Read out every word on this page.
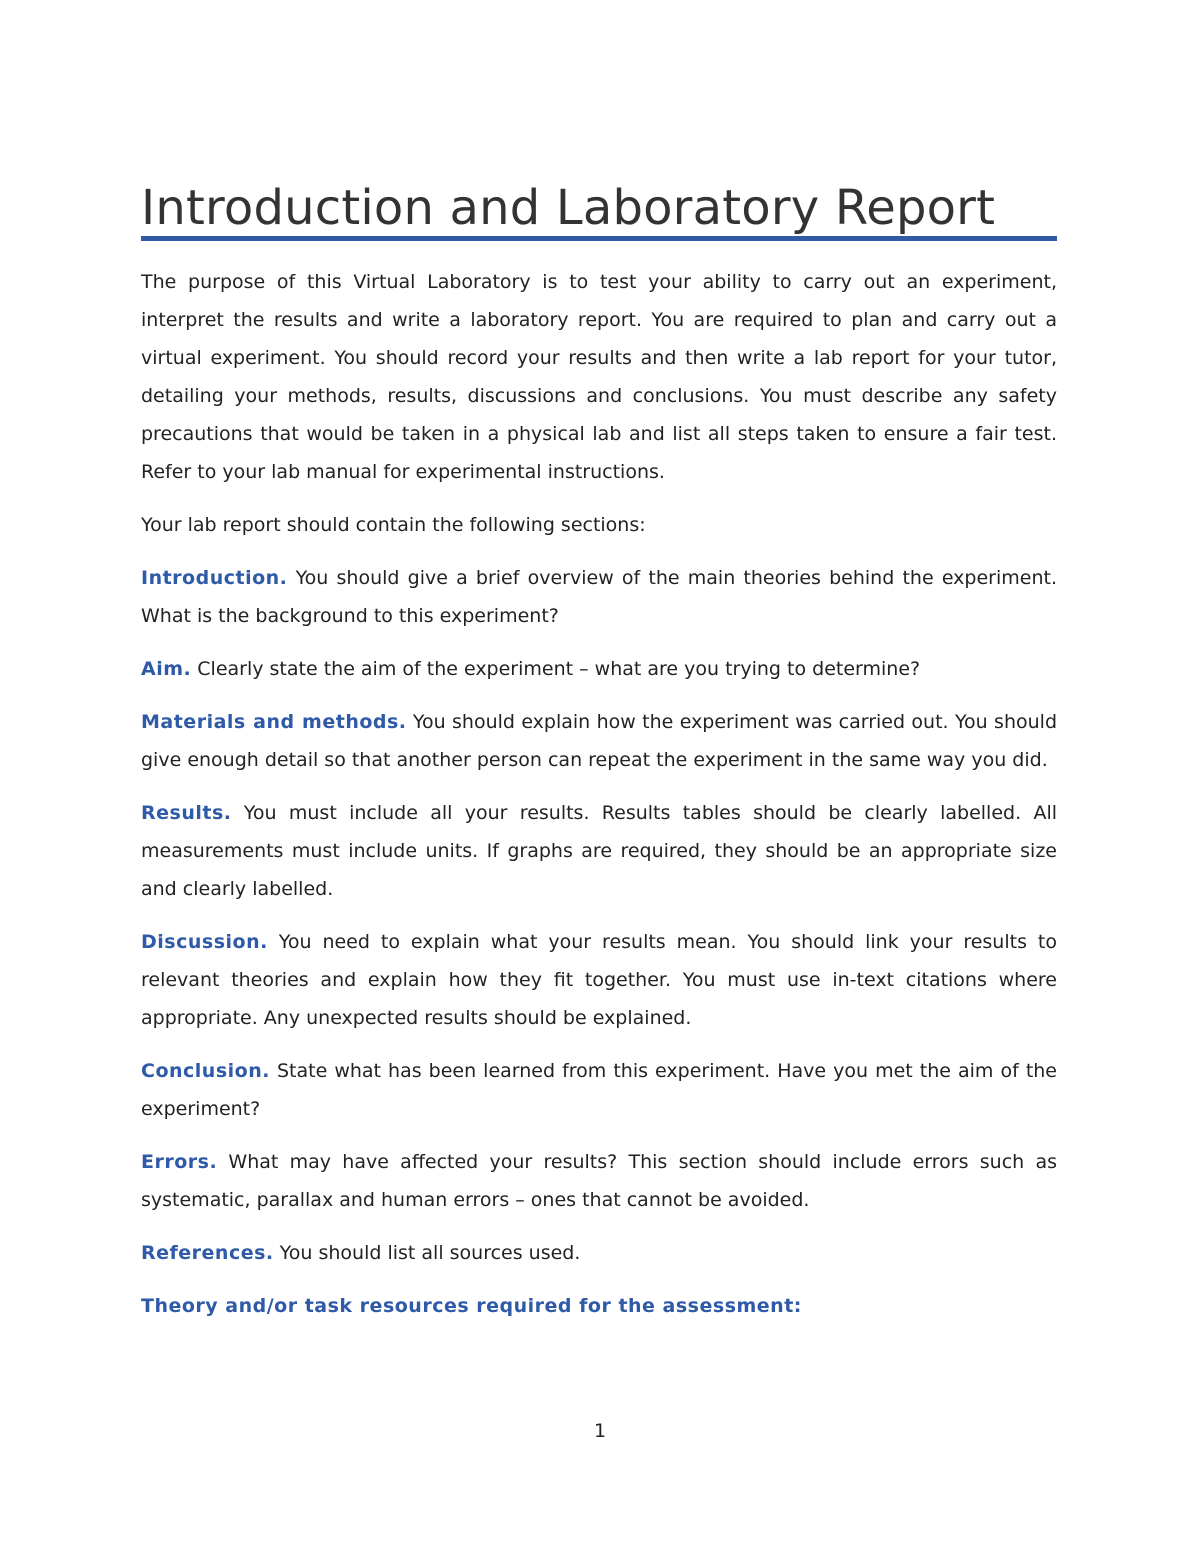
Introduction and Laboratory Report

The purpose of this Virtual Laboratory is to test your ability to carry out an experiment, interpret the results and write a laboratory report. You are required to plan and carry out a virtual experiment. You should record your results and then write a lab report for your tutor, detailing your methods, results, discussions and conclusions. You must describe any safety precautions that would be taken in a physical lab and list all steps taken to ensure a fair test. Refer to your lab manual for experimental instructions.

Your lab report should contain the following sections:

Introduction. You should give a brief overview of the main theories behind the experiment. What is the background to this experiment?

Aim. Clearly state the aim of the experiment – what are you trying to determine?

Materials and methods. You should explain how the experiment was carried out. You should give enough detail so that another person can repeat the experiment in the same way you did.

Results. You must include all your results. Results tables should be clearly labelled. All measurements must include units. If graphs are required, they should be an appropriate size and clearly labelled.

Discussion. You need to explain what your results mean. You should link your results to relevant theories and explain how they fit together. You must use in-text citations where appropriate. Any unexpected results should be explained.

Conclusion. State what has been learned from this experiment. Have you met the aim of the experiment?

Errors. What may have affected your results? This section should include errors such as systematic, parallax and human errors – ones that cannot be avoided.

References. You should list all sources used.

Theory and/or task resources required for the assessment:

1
